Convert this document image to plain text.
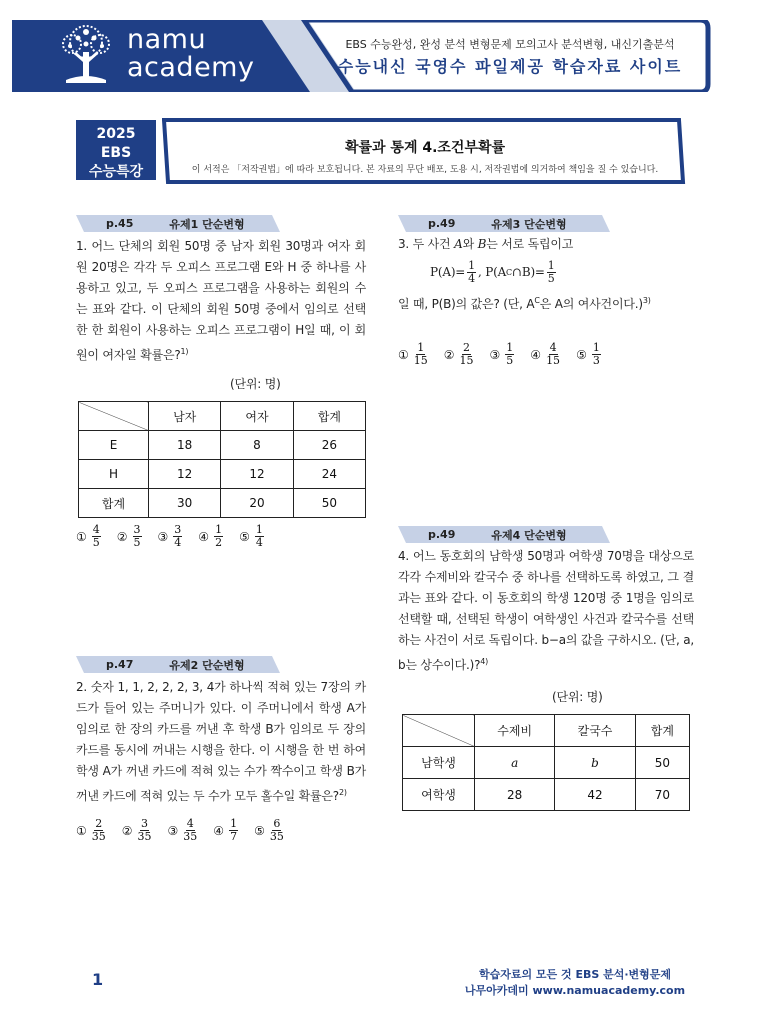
namu
academy
EBS 수능완성, 완성 분석 변형문제 모의고사 분석변형, 내신기출분석
수능내신 국영수 파일제공 학습자료 사이트
2025
EBS
수능특강
확률과 통계 4.조건부확률
이 서적은 「저작권법」에 따라 보호됩니다. 본 자료의 무단 배포, 도용 시, 저작권법에 의거하여 책임을 질 수 있습니다.
p.45	유제1 단순변형
1. 어느 단체의 회원 50명 중 남자 회원 30명과 여자 회원 20명은 각각 두 오피스 프로그램 E와 H 중 하나를 사용하고 있고, 두 오피스 프로그램을 사용하는 회원의 수는 표와 같다. 이 단체의 회원 50명 중에서 임의로 선택한 한 회원이 사용하는 오피스 프로그램이 H일 때, 이 회원이 여자일 확률은?$^{1)}$
(단위: 명)
	남자	여자	합계
E	18	8	26
H	12	12	24
합계	30	20	50
① $\frac{4}{5}$ ② $\frac{3}{5}$ ③ $\frac{3}{4}$ ④ $\frac{1}{2}$ ⑤ $\frac{1}{4}$
p.47	유제2 단순변형
2. 숫자 1, 1, 2, 2, 2, 3, 4가 하나씩 적혀 있는 7장의 카드가 들어 있는 주머니가 있다. 이 주머니에서 학생 A가 임의로 한 장의 카드를 꺼낸 후 학생 B가 임의로 두 장의 카드를 동시에 꺼내는 시행을 한다. 이 시행을 한 번 하여 학생 A가 꺼낸 카드에 적혀 있는 수가 짝수이고 학생 B가 꺼낸 카드에 적혀 있는 두 수가 모두 홀수일 확률은?$^{2)}$
① $\frac{2}{35}$ ② $\frac{3}{35}$ ③ $\frac{4}{35}$ ④ $\frac{1}{7}$ ⑤ $\frac{6}{35}$
p.49	유제3 단순변형
3. 두 사건 A와 B는 서로 독립이고
$P(A)= \frac{1}{4}$ , P(A C ∩B)= $\frac{1}{5}$
일 때, P(B)의 값은? (단, $A^C$은 A의 여사건이다.)$^{3)}$
① $\frac{1}{15}$ ② $\frac{2}{15}$ ③ $\frac{1}{5}$ ④ $\frac{4}{15}$ ⑤ $\frac{1}{3}$
p.49	유제4 단순변형
4. 어느 동호회의 남학생 50명과 여학생 70명을 대상으로 각각 수제비와 칼국수 중 하나를 선택하도록 하였고, 그 결과는 표와 같다. 이 동호회의 학생 120명 중 1명을 임의로 선택할 때, 선택된 학생이 여학생인 사건과 칼국수를 선택하는 사건이 서로 독립이다. b−a의 값을 구하시오. (단, a, b는 상수이다.)?$^{4)}$
(단위: 명)
	수제비	칼국수	합계
남학생	a	b	50
여학생	28	42	70
1	학습자료의 모든 것 EBS 분석·변형문제
나무아카데미 www.namuacademy.com
